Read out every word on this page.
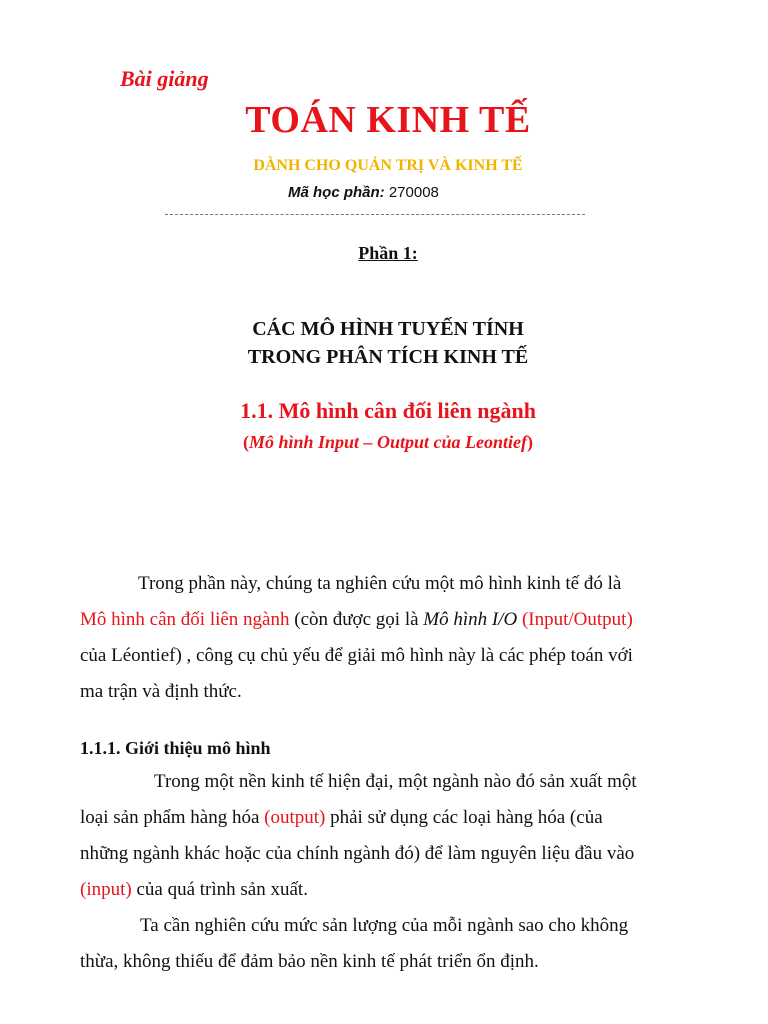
Bài giảng
TOÁN KINH TẾ
DÀNH CHO QUẢN TRỊ VÀ KINH TẾ
Mã học phần: 270008
Phần 1:
CÁC MÔ HÌNH TUYẾN TÍNH
TRONG PHÂN TÍCH KINH TẾ
1.1. Mô hình cân đối liên ngành
(Mô hình Input – Output của Leontief)
Trong phần này, chúng ta nghiên cứu một mô hình kinh tế đó là
Mô hình cân đối liên ngành (còn được gọi là Mô hình I/O (Input/Output)
của Léontief) , công cụ chủ yếu để giải mô hình này là các phép toán với
ma trận và định thức.
1.1.1. Giới thiệu mô hình
Trong một nền kinh tế hiện đại, một ngành nào đó sản xuất một
loại sản phẩm hàng hóa (output) phải sử dụng các loại hàng hóa (của
những ngành khác hoặc của chính ngành đó) để làm nguyên liệu đầu vào
(input) của quá trình sản xuất.
Ta cần nghiên cứu mức sản lượng của mỗi ngành sao cho không
thừa, không thiếu để đảm bảo nền kinh tế phát triển ổn định.
